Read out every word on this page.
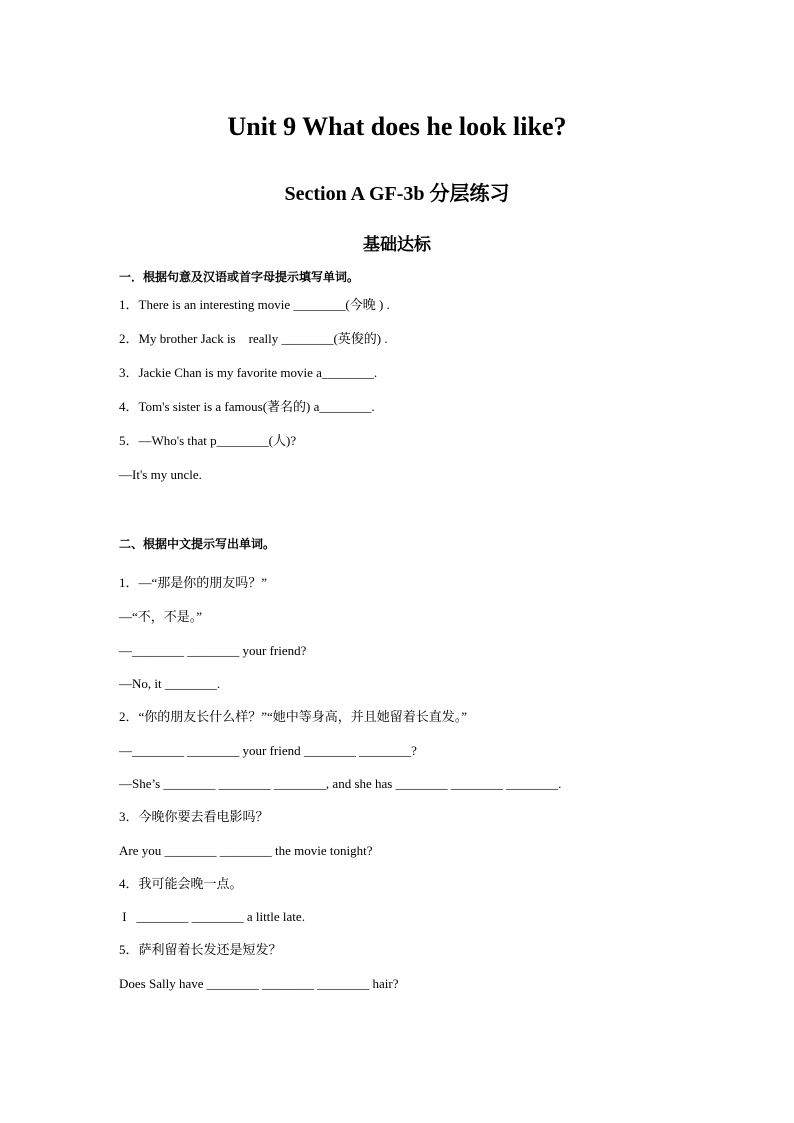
Unit 9 What does he look like?
Section A GF-3b 分层练习
基础达标
一．根据句意及汉语或首字母提示填写单词。
1．There is an interesting movie ________(今晚 ) .
2．My brother Jack is    really ________(英俊的) .
3．Jackie Chan is my favorite movie a________.
4．Tom's sister is a famous(著名的) a________.
5．—Who's that p________(人)?
—It's my uncle.
二、根据中文提示写出单词。
1．—“那是你的朋友吗？”
—“不，不是。”
—________ ________ your friend?
—No, it ________.
2．“你的朋友长什么样？”“她中等身高，并且她留着长直发。”
—________ ________ your friend ________ ________?
—She’s ________ ________ ________, and she has ________ ________ ________.
3．今晚你要去看电影吗？
Are you ________ ________ the movie tonight?
4．我可能会晚一点。
I   ________ ________ a little late.
5．萨利留着长发还是短发？
Does Sally have ________ ________ ________ hair?
